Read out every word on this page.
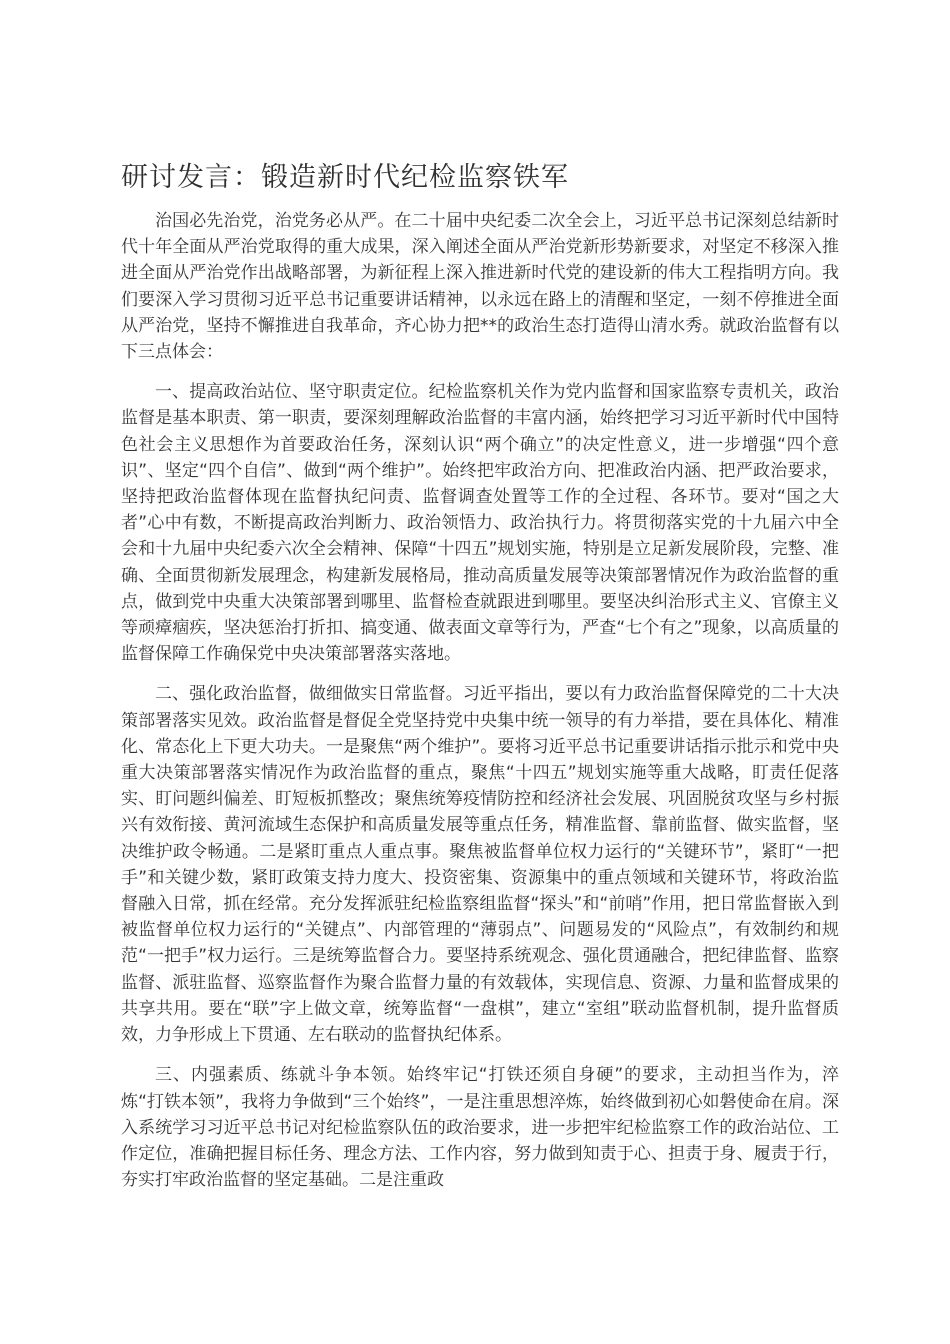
研讨发言：锻造新时代纪检监察铁军

治国必先治党，治党务必从严。在二十届中央纪委二次全会上，习近平总书记深刻总结新时代十年全面从严治党取得的重大成果，深入阐述全面从严治党新形势新要求，对坚定不移深入推进全面从严治党作出战略部署，为新征程上深入推进新时代党的建设新的伟大工程指明方向。我们要深入学习贯彻习近平总书记重要讲话精神，以永远在路上的清醒和坚定，一刻不停推进全面从严治党，坚持不懈推进自我革命，齐心协力把**的政治生态打造得山清水秀。就政治监督有以下三点体会：

一、提高政治站位、坚守职责定位。纪检监察机关作为党内监督和国家监察专责机关，政治监督是基本职责、第一职责，要深刻理解政治监督的丰富内涵，始终把学习习近平新时代中国特色社会主义思想作为首要政治任务，深刻认识“两个确立”的决定性意义，进一步增强“四个意识”、坚定“四个自信”、做到“两个维护”。始终把牢政治方向、把准政治内涵、把严政治要求，坚持把政治监督体现在监督执纪问责、监督调查处置等工作的全过程、各环节。要对“国之大者”心中有数，不断提高政治判断力、政治领悟力、政治执行力。将贯彻落实党的十九届六中全会和十九届中央纪委六次全会精神、保障“十四五”规划实施，特别是立足新发展阶段，完整、准确、全面贯彻新发展理念，构建新发展格局，推动高质量发展等决策部署情况作为政治监督的重点，做到党中央重大决策部署到哪里、监督检查就跟进到哪里。要坚决纠治形式主义、官僚主义等顽瘴痼疾，坚决惩治打折扣、搞变通、做表面文章等行为，严查“七个有之”现象，以高质量的监督保障工作确保党中央决策部署落实落地。

二、强化政治监督，做细做实日常监督。习近平指出，要以有力政治监督保障党的二十大决策部署落实见效。政治监督是督促全党坚持党中央集中统一领导的有力举措，要在具体化、精准化、常态化上下更大功夫。一是聚焦“两个维护”。要将习近平总书记重要讲话指示批示和党中央重大决策部署落实情况作为政治监督的重点，聚焦“十四五”规划实施等重大战略，盯责任促落实、盯问题纠偏差、盯短板抓整改；聚焦统筹疫情防控和经济社会发展、巩固脱贫攻坚与乡村振兴有效衔接、黄河流域生态保护和高质量发展等重点任务，精准监督、靠前监督、做实监督，坚决维护政令畅通。二是紧盯重点人重点事。聚焦被监督单位权力运行的“关键环节”，紧盯“一把手”和关键少数，紧盯政策支持力度大、投资密集、资源集中的重点领域和关键环节，将政治监督融入日常，抓在经常。充分发挥派驻纪检监察组监督“探头”和“前哨”作用，把日常监督嵌入到被监督单位权力运行的“关键点”、内部管理的“薄弱点”、问题易发的“风险点”，有效制约和规范“一把手”权力运行。三是统筹监督合力。要坚持系统观念、强化贯通融合，把纪律监督、监察监督、派驻监督、巡察监督作为聚合监督力量的有效载体，实现信息、资源、力量和监督成果的共享共用。要在“联”字上做文章，统筹监督“一盘棋”，建立“室组”联动监督机制，提升监督质效，力争形成上下贯通、左右联动的监督执纪体系。

三、内强素质、练就斗争本领。始终牢记“打铁还须自身硬”的要求，主动担当作为，淬炼“打铁本领”，我将力争做到“三个始终”，一是注重思想淬炼，始终做到初心如磐使命在肩。深入系统学习习近平总书记对纪检监察队伍的政治要求，进一步把牢纪检监察工作的政治站位、工作定位，准确把握目标任务、理念方法、工作内容，努力做到知责于心、担责于身、履责于行，夯实打牢政治监督的坚定基础。二是注重政
